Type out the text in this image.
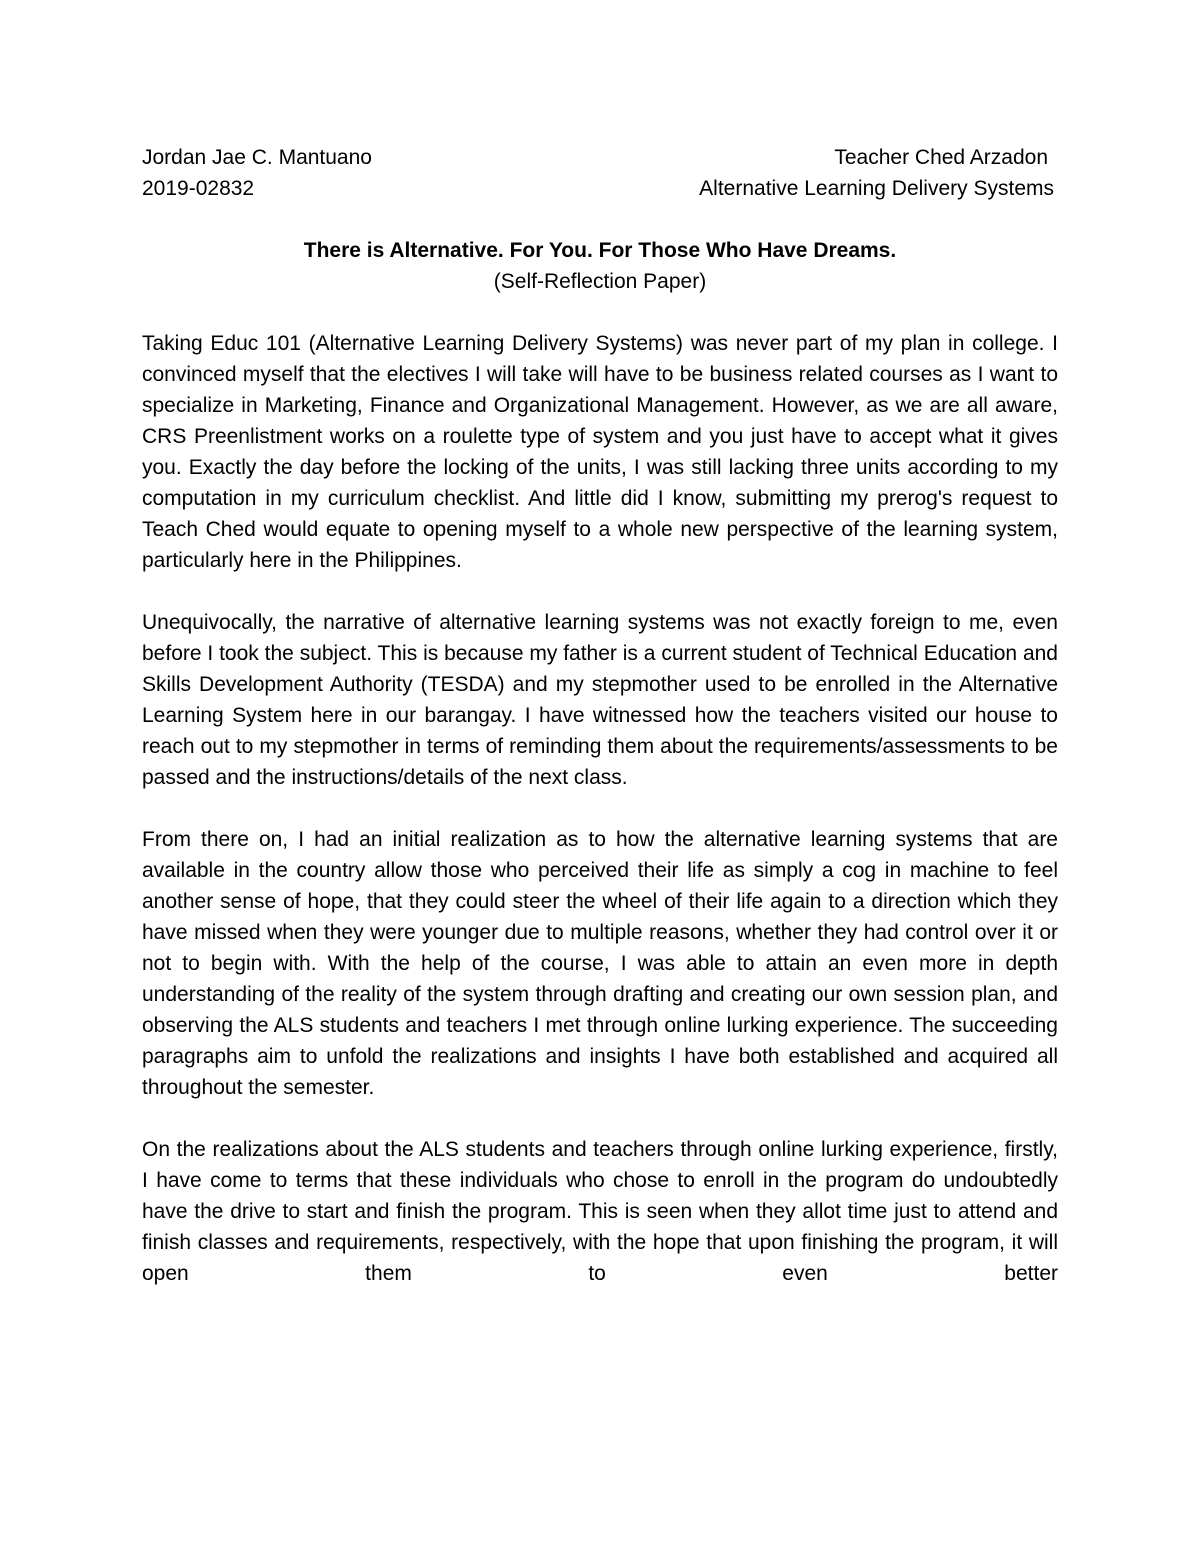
Jordan Jae C. Mantuano
2019-02832
Teacher Ched Arzadon
Alternative Learning Delivery Systems
There is Alternative. For You. For Those Who Have Dreams.
(Self-Reflection Paper)

Taking Educ 101 (Alternative Learning Delivery Systems) was never part of my plan in college. I convinced myself that the electives I will take will have to be business related courses as I want to specialize in Marketing, Finance and Organizational Management. However, as we are all aware, CRS Preenlistment works on a roulette type of system and you just have to accept what it gives you. Exactly the day before the locking of the units, I was still lacking three units according to my computation in my curriculum checklist. And little did I know, submitting my prerog's request to Teach Ched would equate to opening myself to a whole new perspective of the learning system, particularly here in the Philippines.

Unequivocally, the narrative of alternative learning systems was not exactly foreign to me, even before I took the subject. This is because my father is a current student of Technical Education and Skills Development Authority (TESDA) and my stepmother used to be enrolled in the Alternative Learning System here in our barangay. I have witnessed how the teachers visited our house to reach out to my stepmother in terms of reminding them about the requirements/assessments to be passed and the instructions/details of the next class.

From there on, I had an initial realization as to how the alternative learning systems that are available in the country allow those who perceived their life as simply a cog in machine to feel another sense of hope, that they could steer the wheel of their life again to a direction which they have missed when they were younger due to multiple reasons, whether they had control over it or not to begin with. With the help of the course, I was able to attain an even more in depth understanding of the reality of the system through drafting and creating our own session plan, and observing the ALS students and teachers I met through online lurking experience. The succeeding paragraphs aim to unfold the realizations and insights I have both established and acquired all throughout the semester.

On the realizations about the ALS students and teachers through online lurking experience, firstly, I have come to terms that these individuals who chose to enroll in the program do undoubtedly have the drive to start and finish the program. This is seen when they allot time just to attend and finish classes and requirements, respectively, with the hope that upon finishing the program, it will open them to even better
